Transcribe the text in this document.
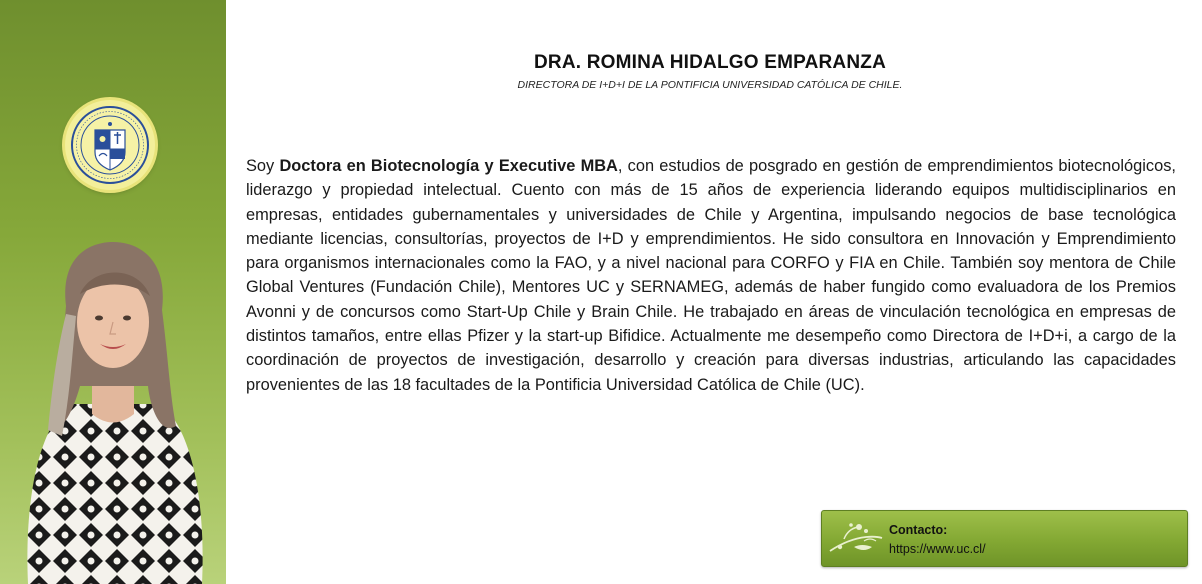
DRA. ROMINA HIDALGO EMPARANZA
DIRECTORA DE I+D+I DE LA PONTIFICIA UNIVERSIDAD CATÓLICA DE CHILE.
Soy Doctora en Biotecnología y Executive MBA, con estudios de posgrado en gestión de emprendimientos biotecnológicos, liderazgo y propiedad intelectual. Cuento con más de 15 años de experiencia liderando equipos multidisciplinarios en empresas, entidades gubernamentales y universidades de Chile y Argentina, impulsando negocios de base tecnológica mediante licencias, consultorías, proyectos de I+D y emprendimientos. He sido consultora en Innovación y Emprendimiento para organismos internacionales como la FAO, y a nivel nacional para CORFO y FIA en Chile. También soy mentora de Chile Global Ventures (Fundación Chile), Mentores UC y SERNAMEG, además de haber fungido como evaluadora de los Premios Avonni y de concursos como Start-Up Chile y Brain Chile. He trabajado en áreas de vinculación tecnológica en empresas de distintos tamaños, entre ellas Pfizer y la start-up Bifidice. Actualmente me desempeño como Directora de I+D+i, a cargo de la coordinación de proyectos de investigación, desarrollo y creación para diversas industrias, articulando las capacidades provenientes de las 18 facultades de la Pontificia Universidad Católica de Chile (UC).
Contacto:
https://www.uc.cl/
